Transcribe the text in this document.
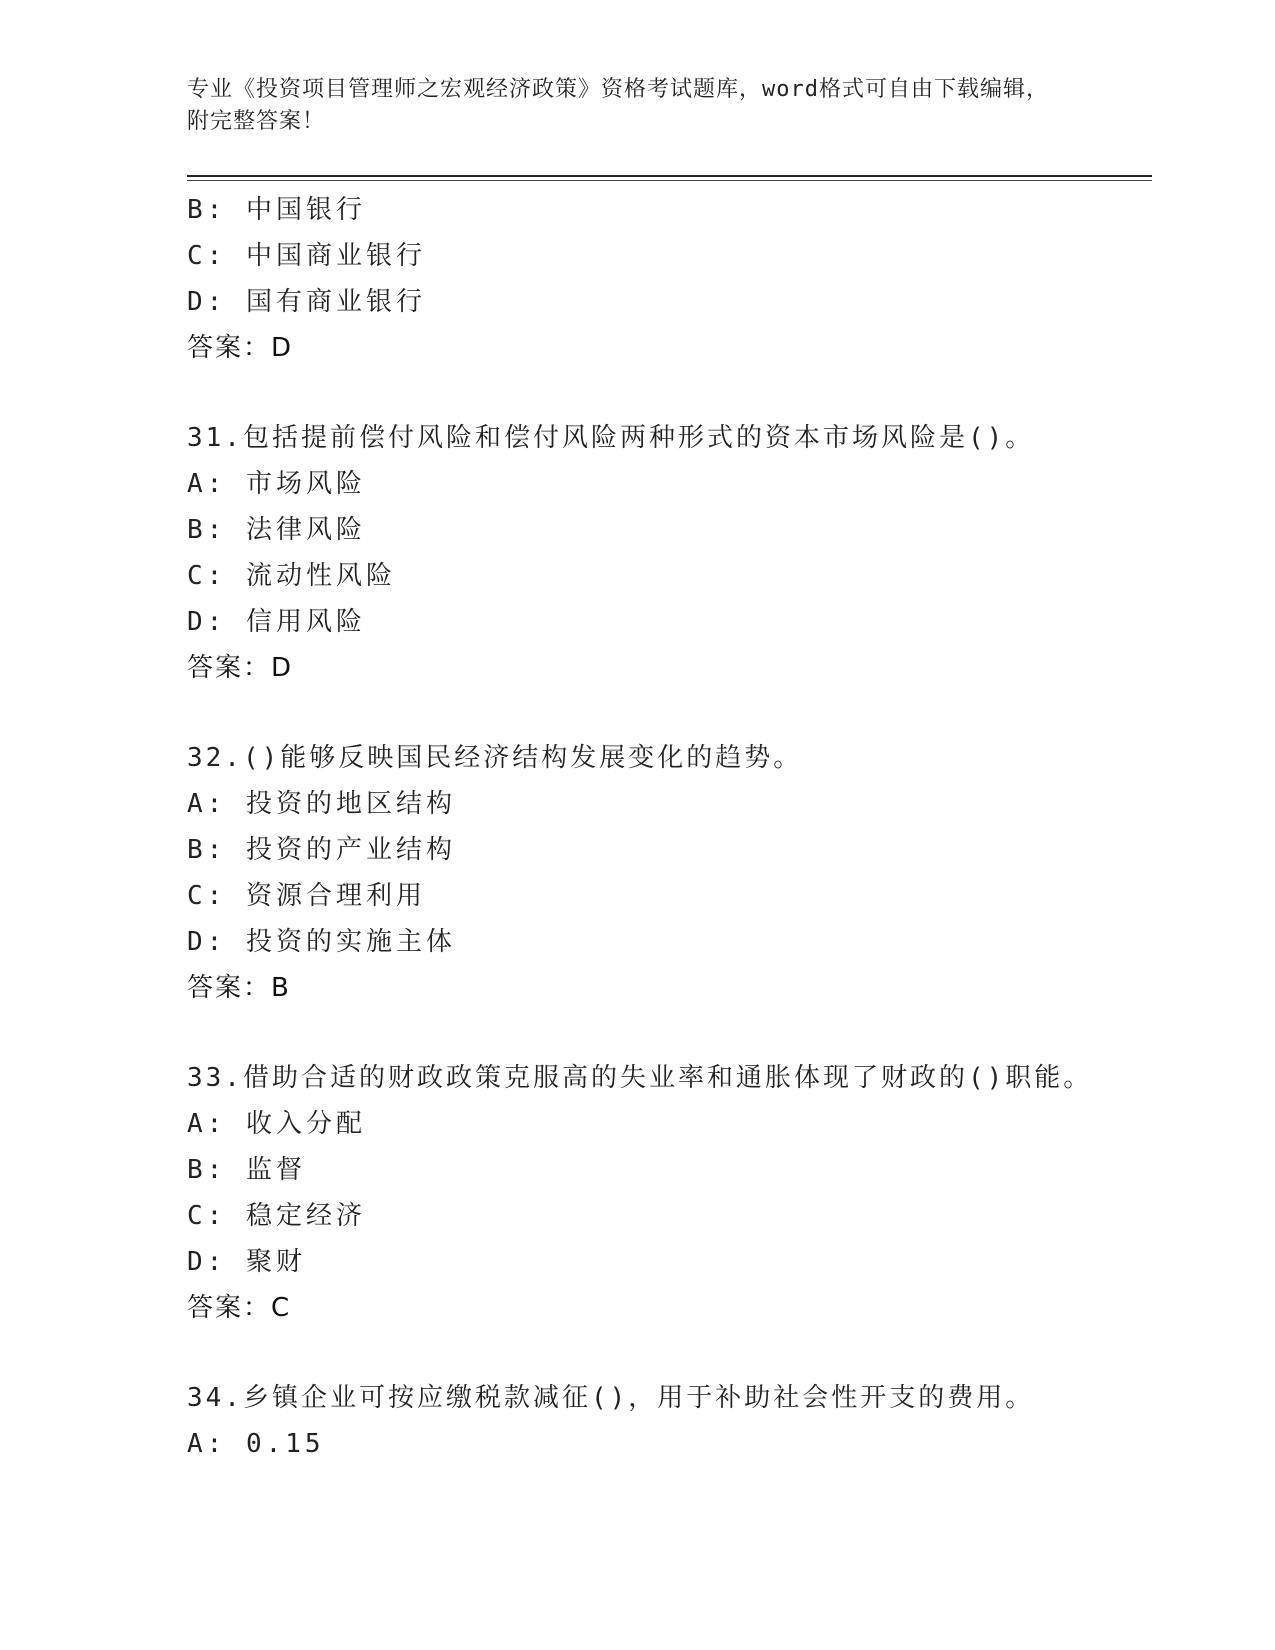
专业《投资项目管理师之宏观经济政策》资格考试题库，word格式可自由下载编辑，附完整答案！
B: 中国银行
C: 中国商业银行
D: 国有商业银行
答案：D
31.包括提前偿付风险和偿付风险两种形式的资本市场风险是()。
A: 市场风险
B: 法律风险
C: 流动性风险
D: 信用风险
答案：D
32.()能够反映国民经济结构发展变化的趋势。
A: 投资的地区结构
B: 投资的产业结构
C: 资源合理利用
D: 投资的实施主体
答案：B
33.借助合适的财政政策克服高的失业率和通胀体现了财政的()职能。
A: 收入分配
B: 监督
C: 稳定经济
D: 聚财
答案：C
34.乡镇企业可按应缴税款减征()，用于补助社会性开支的费用。
A: 0.15
